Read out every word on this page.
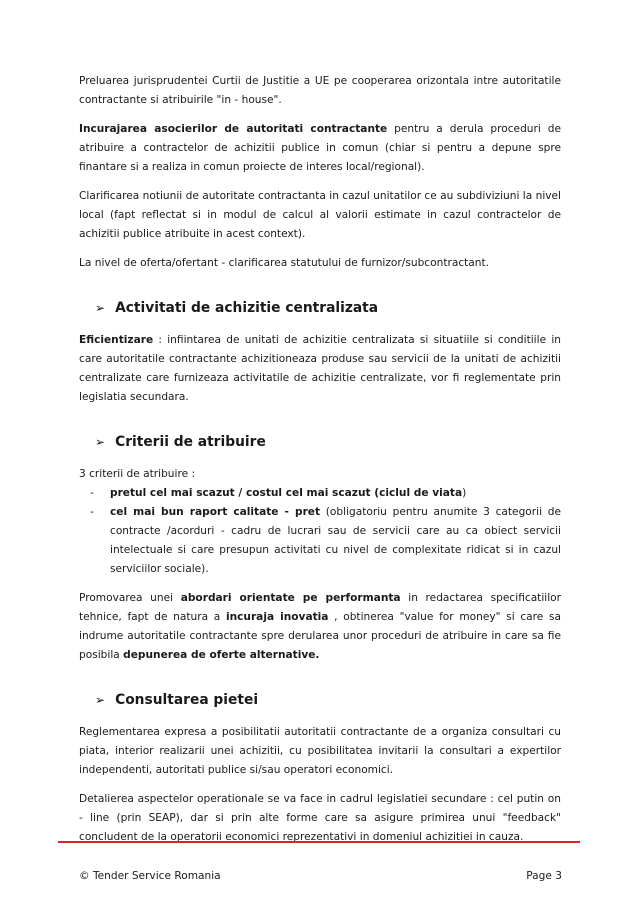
Preluarea jurisprudentei Curtii de Justitie a UE pe cooperarea orizontala intre autoritatile contractante si atribuirile "in - house".

Incurajarea asocierilor de autoritati contractante pentru a derula proceduri de atribuire a contractelor de achizitii publice in comun (chiar si pentru a depune spre finantare si a realiza in comun proiecte de interes local/regional).

Clarificarea notiunii de autoritate contractanta in cazul unitatilor ce au subdiviziuni la nivel local (fapt reflectat si in modul de calcul al valorii estimate in cazul contractelor de achizitii publice atribuite in acest context).

La nivel de oferta/ofertant - clarificarea statutului de furnizor/subcontractant.

➢ Activitati de achizitie centralizata

Eficientizare : infiintarea de unitati de achizitie centralizata si situatiile si conditiile in care autoritatile contractante achizitioneaza produse sau servicii de la unitati de achizitii centralizate care furnizeaza activitatile de achizitie centralizate, vor fi reglementate prin legislatia secundara.

➢ Criterii de atribuire

3 criterii de atribuire :

-	pretul cel mai scazut / costul cel mai scazut (ciclul de viata)
-	cel mai bun raport calitate - pret (obligatoriu pentru anumite 3 categorii de contracte /acorduri - cadru de lucrari sau de servicii care au ca obiect servicii intelectuale si care presupun activitati cu nivel de complexitate ridicat si in cazul serviciilor sociale).

Promovarea unei abordari orientate pe performanta in redactarea specificatiilor tehnice, fapt de natura a incuraja inovatia , obtinerea "value for money" si care sa indrume autoritatile contractante spre derularea unor proceduri de atribuire in care sa fie posibila depunerea de oferte alternative.

➢ Consultarea pietei

Reglementarea expresa a posibilitatii autoritatii contractante de a organiza consultari cu piata, interior realizarii unei achizitii, cu posibilitatea invitarii la consultari a expertilor independenti, autoritati publice si/sau operatori economici.

Detalierea aspectelor operationale se va face in cadrul legislatiei secundare : cel putin on - line (prin SEAP), dar si prin alte forme care sa asigure primirea unui "feedback" concludent de la operatorii economici reprezentativi in domeniul achizitiei in cauza.

© Tender Service Romania	Page 3
